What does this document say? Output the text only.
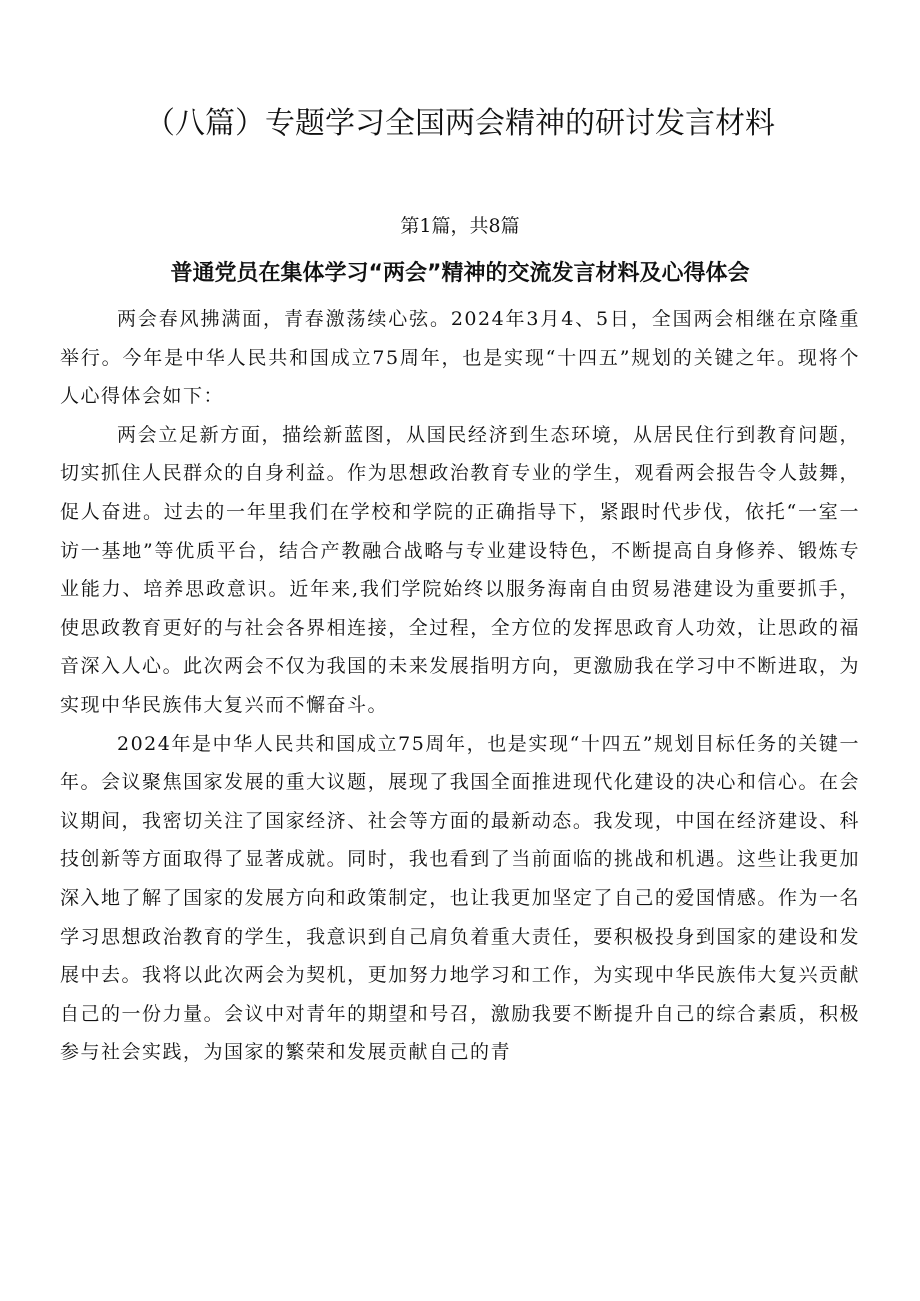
（八篇）专题学习全国两会精神的研讨发言材料
第1篇，共8篇
普通党员在集体学习“两会”精神的交流发言材料及心得体会

两会春风拂满面，青春激荡续心弦。2024年3月4、5日，全国两会相继在京隆重举行。今年是中华人民共和国成立75周年，也是实现“十四五”规划的关键之年。现将个人心得体会如下：

两会立足新方面，描绘新蓝图，从国民经济到生态环境，从居民住行到教育问题，切实抓住人民群众的自身利益。作为思想政治教育专业的学生，观看两会报告令人鼓舞，促人奋进。过去的一年里我们在学校和学院的正确指导下，紧跟时代步伐，依托“一室一访一基地”等优质平台，结合产教融合战略与专业建设特色，不断提高自身修养、锻炼专业能力、培养思政意识。近年来,我们学院始终以服务海南自由贸易港建设为重要抓手，使思政教育更好的与社会各界相连接，全过程，全方位的发挥思政育人功效，让思政的福音深入人心。此次两会不仅为我国的未来发展指明方向，更激励我在学习中不断进取，为实现中华民族伟大复兴而不懈奋斗。

2024年是中华人民共和国成立75周年，也是实现“十四五”规划目标任务的关键一年。会议聚焦国家发展的重大议题，展现了我国全面推进现代化建设的决心和信心。在会议期间，我密切关注了国家经济、社会等方面的最新动态。我发现，中国在经济建设、科技创新等方面取得了显著成就。同时，我也看到了当前面临的挑战和机遇。这些让我更加深入地了解了国家的发展方向和政策制定，也让我更加坚定了自己的爱国情感。作为一名学习思想政治教育的学生，我意识到自己肩负着重大责任，要积极投身到国家的建设和发展中去。我将以此次两会为契机，更加努力地学习和工作，为实现中华民族伟大复兴贡献自己的一份力量。会议中对青年的期望和号召，激励我要不断提升自己的综合素质，积极参与社会实践，为国家的繁荣和发展贡献自己的青
